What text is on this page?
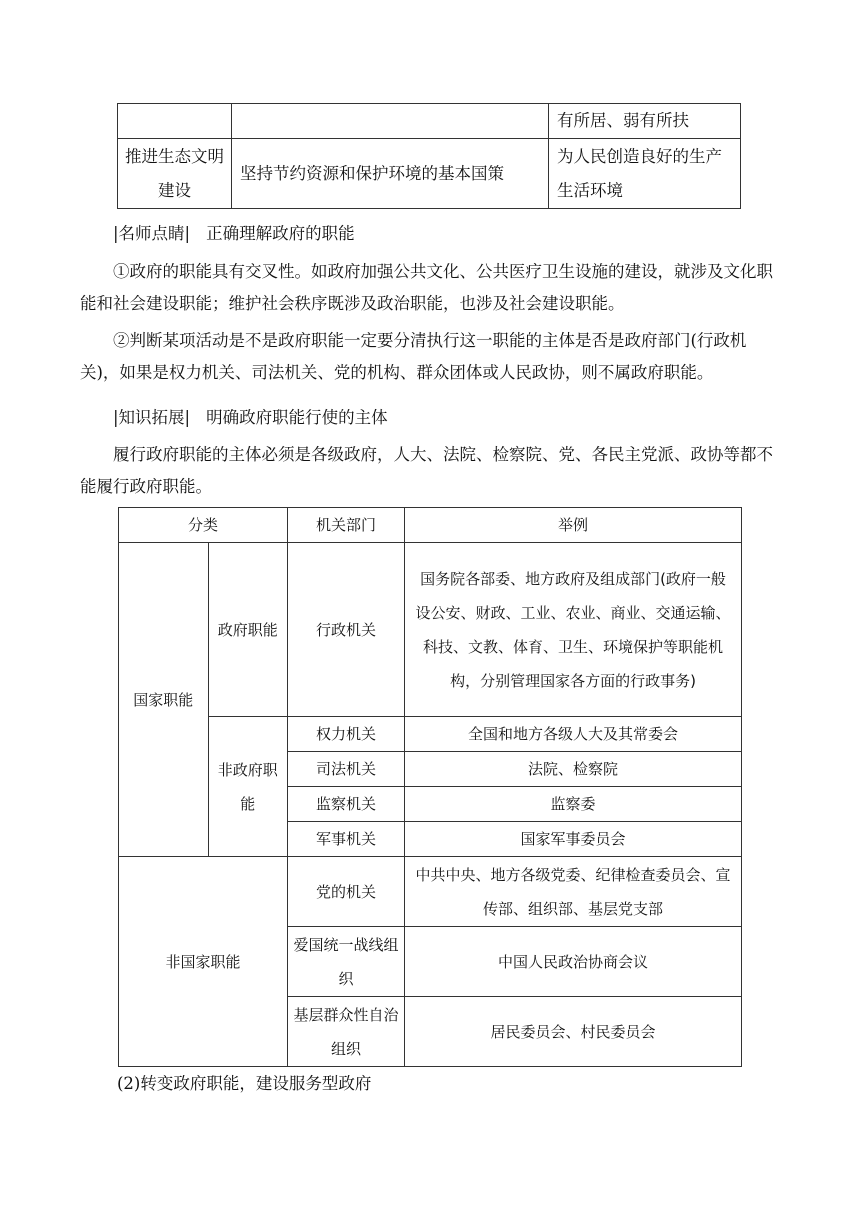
		有所居、弱有所扶
推进生态文明建设	坚持节约资源和保护环境的基本国策	为人民创造良好的生产生活环境
|名师点睛| 正确理解政府的职能

①政府的职能具有交叉性。如政府加强公共文化、公共医疗卫生设施的建设，就涉及文化职能和社会建设职能；维护社会秩序既涉及政治职能，也涉及社会建设职能。

②判断某项活动是不是政府职能一定要分清执行这一职能的主体是否是政府部门(行政机关)，如果是权力机关、司法机关、党的机构、群众团体或人民政协，则不属政府职能。

|知识拓展| 明确政府职能行使的主体

履行政府职能的主体必须是各级政府，人大、法院、检察院、党、各民主党派、政协等都不能履行政府职能。

分类		机关部门	举例
国家职能	政府职能	行政机关	国务院各部委、地方政府及组成部门(政府一般设公安、财政、工业、农业、商业、交通运输、科技、文教、体育、卫生、环境保护等职能机构，分别管理国家各方面的行政事务)
	非政府职能	权力机关	全国和地方各级人大及其常委会
		司法机关	法院、检察院
		监察机关	监察委
		军事机关	国家军事委员会
非国家职能		党的机关	中共中央、地方各级党委、纪律检查委员会、宣传部、组织部、基层党支部
		爱国统一战线组织	中国人民政治协商会议
		基层群众性自治组织	居民委员会、村民委员会

(2)转变政府职能，建设服务型政府
